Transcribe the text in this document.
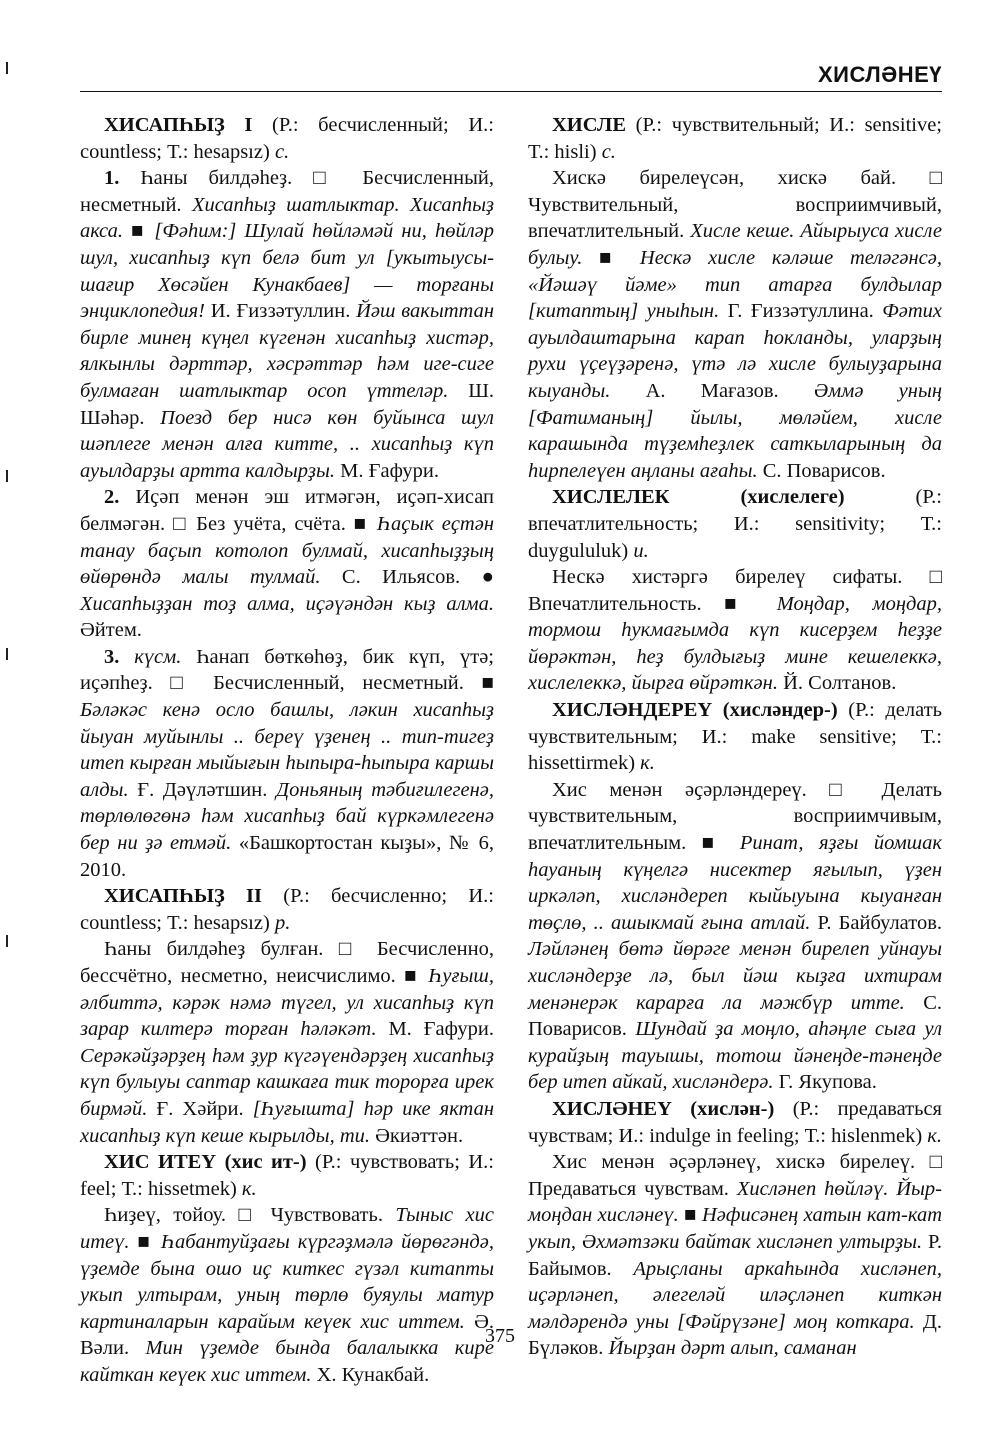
ХИСЛƏНЕҮ

ХИСАПҺЫҘ I (Р.: бесчисленный; И.: countless; Т.: hesapsız) с.

1. Һаны билдəһеҙ. □ Бесчисленный, несметный. Хисапһыҙ шатлыктар. Хисапһыҙ акса. ■ [Фəһим:] Шулай һөйлəмəй ни, һөйлəр шул, хисапһыҙ күп белə бит ул [укытыусы-шағир Хөсəйен Кунакбаев] — торғаны энциклопедия! И. Ғиззəтуллин. Йəш вакыттан бирле минең күңел күгенəн хисапһыҙ хистəр, ялкынлы дəрттəр, хəсрəттəр һəм иге-сиге булмаған шатлыктар осоп үттелəр. Ш. Шəһəр. Поезд бер нисə көн буйынса шул шəплеге менəн алға китте, .. хисапһыҙ күп ауылдарҙы артта калдырҙы. М. Ғафури.

2. Иҫəп менəн эш итмəгəн, иҫəп-хисап белмəгəн. □ Без учёта, счёта. ■ Һаҫык еҫтəн танау баҫып котолоп булмай, хисапһыҙҙың өйөрөндə малы тулмай. С. Ильясов. ● Хисапһыҙҙан тоҙ алма, иҫəүəндəн кыҙ алма. Əйтем.

3. күсм. Һанап бөткөһөҙ, бик күп, үтə; иҫəпһеҙ. □ Бесчисленный, несметный. ■ Бəлəкəс кенə осло башлы, лəкин хисапһыҙ йыуан муйынлы .. береү үҙенең .. тип-тигеҙ итеп кырған мыйығын һыпыра-һыпыра каршы алды. Ғ. Дəүлəтшин. Доньяның тəбиғилегенə, төрлөлөгөнə һəм хисапһыҙ бай күркəмлегенə бер ни ҙə етмəй. «Башкортостан кыҙы», № 6, 2010.

ХИСАПҺЫҘ II (Р.: бесчисленно; И.: countless; Т.: hesapsız) р.

Һаны билдəһеҙ булған. □ Бесчисленно, бессчётно, несметно, неисчислимо. ■ Һуғыш, əлбиттə, кəрəк нəмə түгел, ул хисапһыҙ күп зарар килтерə торған һəлəкəт. М. Ғафури. Серəкəйҙəрҙең һəм ҙур күгəүендəрҙең хисапһыҙ күп булыуы саптар кашкаға тик торорға ирек бирмəй. Ғ. Хəйри. [Һуғышта] һəр ике яктан хисапһыҙ күп кеше кырылды, ти. Əкиəттəн.

ХИС ИТЕҮ (хис ит-) (Р.: чувствовать; И.: feel; Т.: hissetmek) к.

Һиҙеү, тойоу. □ Чувствовать. Тыныс хис итеү. ■ Һабантуйҙағы күргəҙмəлə йөрөгəндə, үҙемде бына ошо иҫ киткес гүзəл китапты укып ултырам, уның төрлө буяулы матур картиналарын карайым кеүек хис иттем. Ə. Вəли. Мин үҙемде бында балалыкка кире кайткан кеүек хис иттем. Х. Кунакбай.

ХИСЛЕ (Р.: чувствительный; И.: sensitive; Т.: hisli) с.

Хискə бирелеүсəн, хискə бай. □ Чувствительный, восприимчивый, впечатлительный. Хисле кеше. Айырыуса хисле булыу. ■ Нескə хисле кəлəше телəгəнсə, «Йəшəү йəме» тип атарға булдылар [китаптың] уныһын. Г. Ғиззəтуллина. Фəтих ауылдаштарына карап һокланды, уларҙың рухи үҫеүҙəренə, үтə лə хисле булыуҙарына кыуанды. А. Мағазов. Əммə уның [Фатиманың] йылы, мөлəйем, хисле карашында түҙемһеҙлек саткыларының да һирпелеүен аңланы ағаһы. С. Поварисов.

ХИСЛЕЛЕК (хислелеге) (Р.: впечатлительность; И.: sensitivity; Т.: duygululuk) и.

Нескə хистəргə бирелеү сифаты. □ Впечатлительность. ■ Моңдар, моңдар, тормош һукмағымда күп кисерҙем һеҙҙе йөрəктəн, һеҙ булдығыҙ мине кешелеккə, хислелеккə, йырға өйрəткəн. Й. Солтанов.

ХИСЛƏНДЕРЕҮ (хислəндер-) (Р.: делать чувствительным; И.: make sensitive; Т.: hissettirmek) к.

Хис менəн əҫəрлəндереү. □ Делать чувствительным, восприимчивым, впечатлительным. ■ Ринат, яҙғы йомшак һауаның күңелгə нисектер яғылып, үҙен иркəлəп, хислəндереп кыйыуына кыуанған төҫлө, .. ашыкмай ғына атлай. Р. Байбулатов. Лəйлəнең бөтə йөрəге менəн бирелеп уйнауы хислəндерҙе лə, был йəш кыҙға ихтирам менəнерəк карарға ла мəжбүр итте. С. Поварисов. Шундай ҙа моңло, аһəңле сыға ул курайҙың тауышы, тотош йəнеңде-тəнеңде бер итеп айкай, хислəндерə. Г. Якупова.

ХИСЛƏНЕҮ (хислəн-) (Р.: предаваться чувствам; И.: indulge in feeling; Т.: hislenmek) к.

Хис менəн əҫəрлəнеү, хискə бирелеү. □ Предаваться чувствам. Хислəнеп һөйлəү. Йыр-моңдан хислəнеү. ■ Нəфисəнең хатын кат-кат укып, Əхмəтзəки байтак хислəнеп ултырҙы. Р. Байымов. Арыҫланы аркаһында хислəнеп, иҫəрлəнеп, əлегелəй илəҫлəнеп киткəн мəлдəрендə уны [Фəйрүзəне] моң коткара. Д. Бүлəков. Йырҙан дəрт алып, саманан

375
